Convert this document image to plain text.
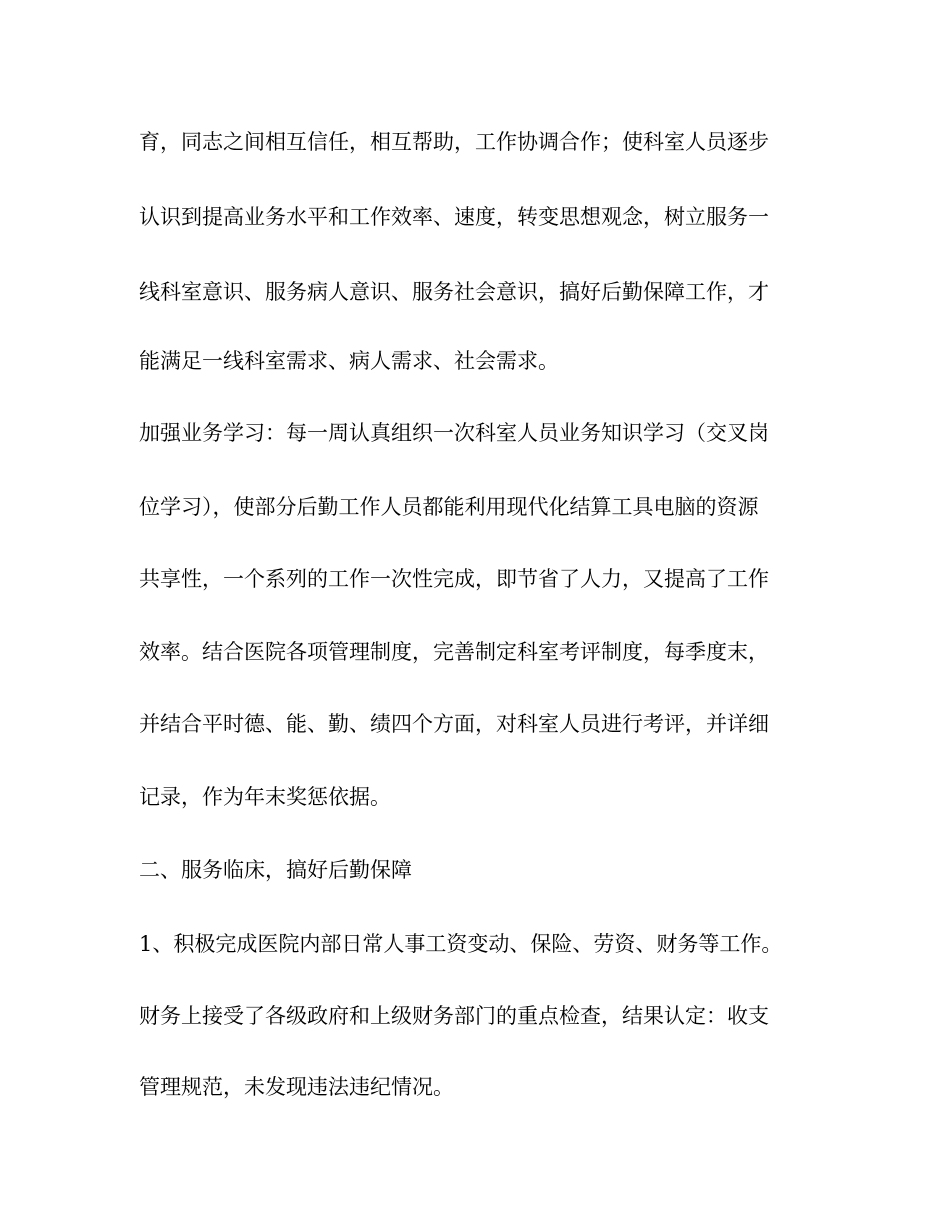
育，同志之间相互信任，相互帮助，工作协调合作；使科室人员逐步
认识到提高业务水平和工作效率、速度，转变思想观念，树立服务一
线科室意识、服务病人意识、服务社会意识，搞好后勤保障工作，才
能满足一线科室需求、病人需求、社会需求。
加强业务学习：每一周认真组织一次科室人员业务知识学习（交叉岗
位学习），使部分后勤工作人员都能利用现代化结算工具电脑的资源
共享性，一个系列的工作一次性完成，即节省了人力，又提高了工作
效率。结合医院各项管理制度，完善制定科室考评制度，每季度末，
并结合平时德、能、勤、绩四个方面，对科室人员进行考评，并详细
记录，作为年末奖惩依据。
二、服务临床，搞好后勤保障
1、积极完成医院内部日常人事工资变动、保险、劳资、财务等工作。
财务上接受了各级政府和上级财务部门的重点检查，结果认定：收支
管理规范，未发现违法违纪情况。
